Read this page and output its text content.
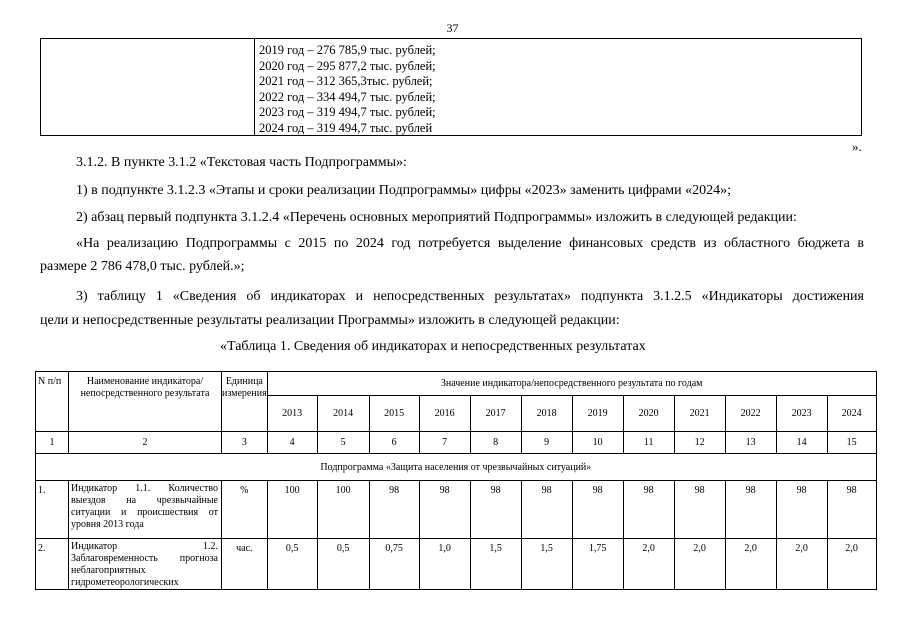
37
2019 год – 276 785,9 тыс. рублей;
2020 год – 295 877,2 тыс. рублей;
2021 год – 312 365,3тыс. рублей;
2022 год – 334 494,7 тыс. рублей;
2023 год – 319 494,7 тыс. рублей;
2024 год – 319 494,7 тыс. рублей
».
3.1.2. В пункте 3.1.2 «Текстовая часть Подпрограммы»:
1) в подпункте 3.1.2.3 «Этапы и сроки реализации Подпрограммы» цифры «2023» заменить цифрами «2024»;
2) абзац первый подпункта 3.1.2.4 «Перечень основных мероприятий Подпрограммы» изложить в следующей редакции:
«На реализацию Подпрограммы с 2015 по 2024 год потребуется выделение финансовых средств из областного бюджета в
размере 2 786 478,0 тыс. рублей.»;
3) таблицу 1 «Сведения об индикаторах и непосредственных результатах» подпункта 3.1.2.5 «Индикаторы достижения
цели и непосредственные результаты реализации Программы» изложить в следующей редакции:
«Таблица 1. Сведения об индикаторах и непосредственных результатах
N п/п	Наименование индикатора/непосредственного результата	Единица измерения	Значение индикатора/непосредственного результата по годам											
			2013	2014	2015	2016	2017	2018	2019	2020	2021	2022	2023	2024
1	2	3	4	5	6	7	8	9	10	11	12	13	14	15
Подпрограмма «Защита населения от чрезвычайных ситуаций»														
1.	Индикатор 1.1. Количество выездов на чрезвычайные ситуации и происшествия от уровня 2013 года	%	100	100	98	98	98	98	98	98	98	98	98	98
2.	Индикатор 1.2. Заблаговременность прогноза неблагоприятных гидрометеорологических	час.	0,5	0,5	0,75	1,0	1,5	1,5	1,75	2,0	2,0	2,0	2,0	2,0
